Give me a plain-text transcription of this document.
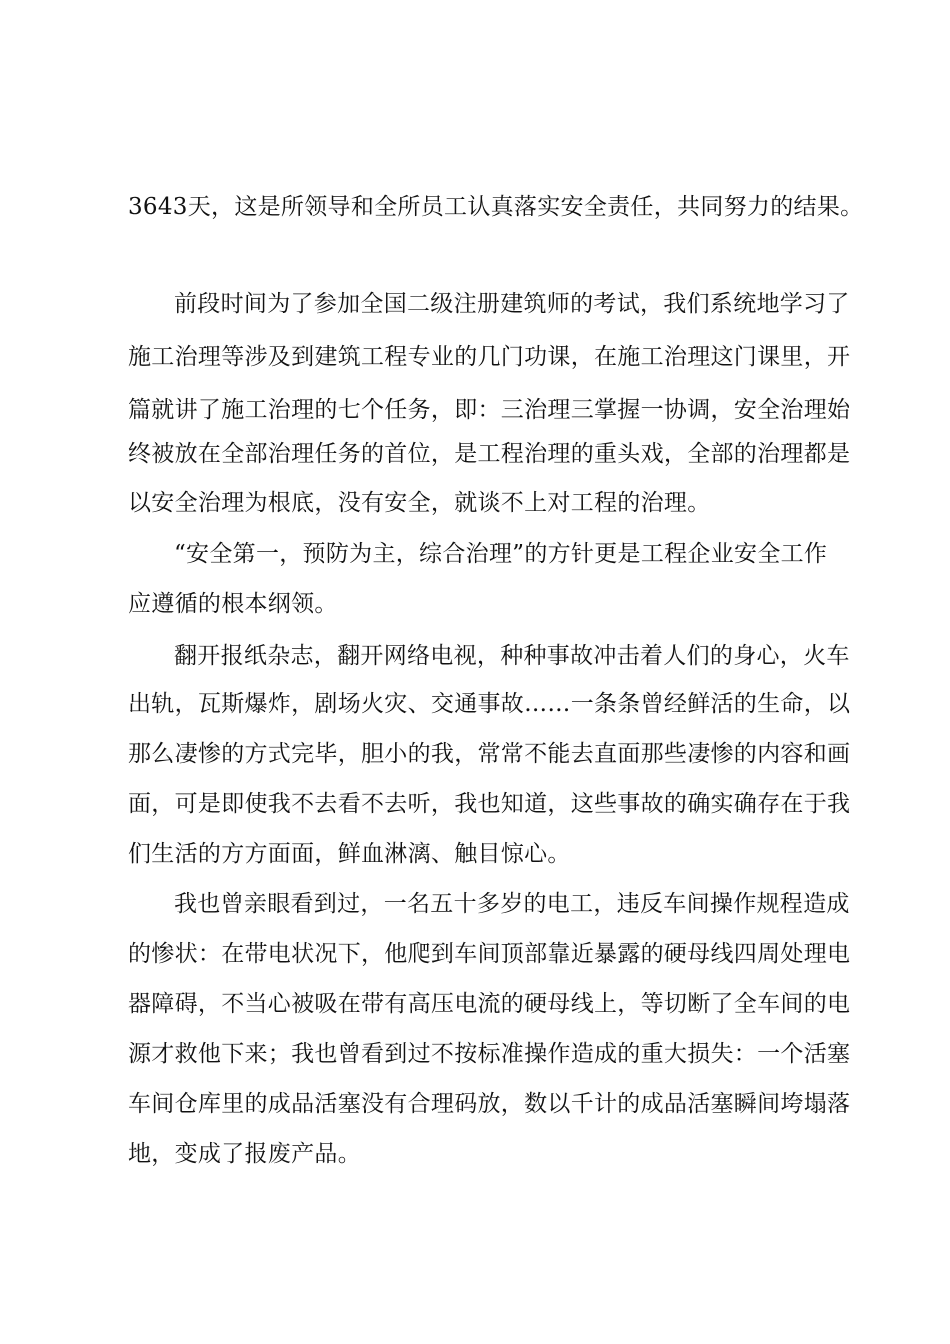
3643天，这是所领导和全所员工认真落实安全责任，共同努力的结果。
前段时间为了参加全国二级注册建筑师的考试，我们系统地学习了
施工治理等涉及到建筑工程专业的几门功课，在施工治理这门课里，开
篇就讲了施工治理的七个任务，即：三治理三掌握一协调，安全治理始
终被放在全部治理任务的首位，是工程治理的重头戏，全部的治理都是
以安全治理为根底，没有安全，就谈不上对工程的治理。
“安全第一，预防为主，综合治理”的方针更是工程企业安全工作
应遵循的根本纲领。
翻开报纸杂志，翻开网络电视，种种事故冲击着人们的身心，火车
出轨，瓦斯爆炸，剧场火灾、交通事故……一条条曾经鲜活的生命，以
那么凄惨的方式完毕，胆小的我，常常不能去直面那些凄惨的内容和画
面，可是即使我不去看不去听，我也知道，这些事故的确实确存在于我
们生活的方方面面，鲜血淋漓、触目惊心。
我也曾亲眼看到过，一名五十多岁的电工，违反车间操作规程造成
的惨状：在带电状况下，他爬到车间顶部靠近暴露的硬母线四周处理电
器障碍，不当心被吸在带有高压电流的硬母线上，等切断了全车间的电
源才救他下来；我也曾看到过不按标准操作造成的重大损失：一个活塞
车间仓库里的成品活塞没有合理码放，数以千计的成品活塞瞬间垮塌落
地，变成了报废产品。
